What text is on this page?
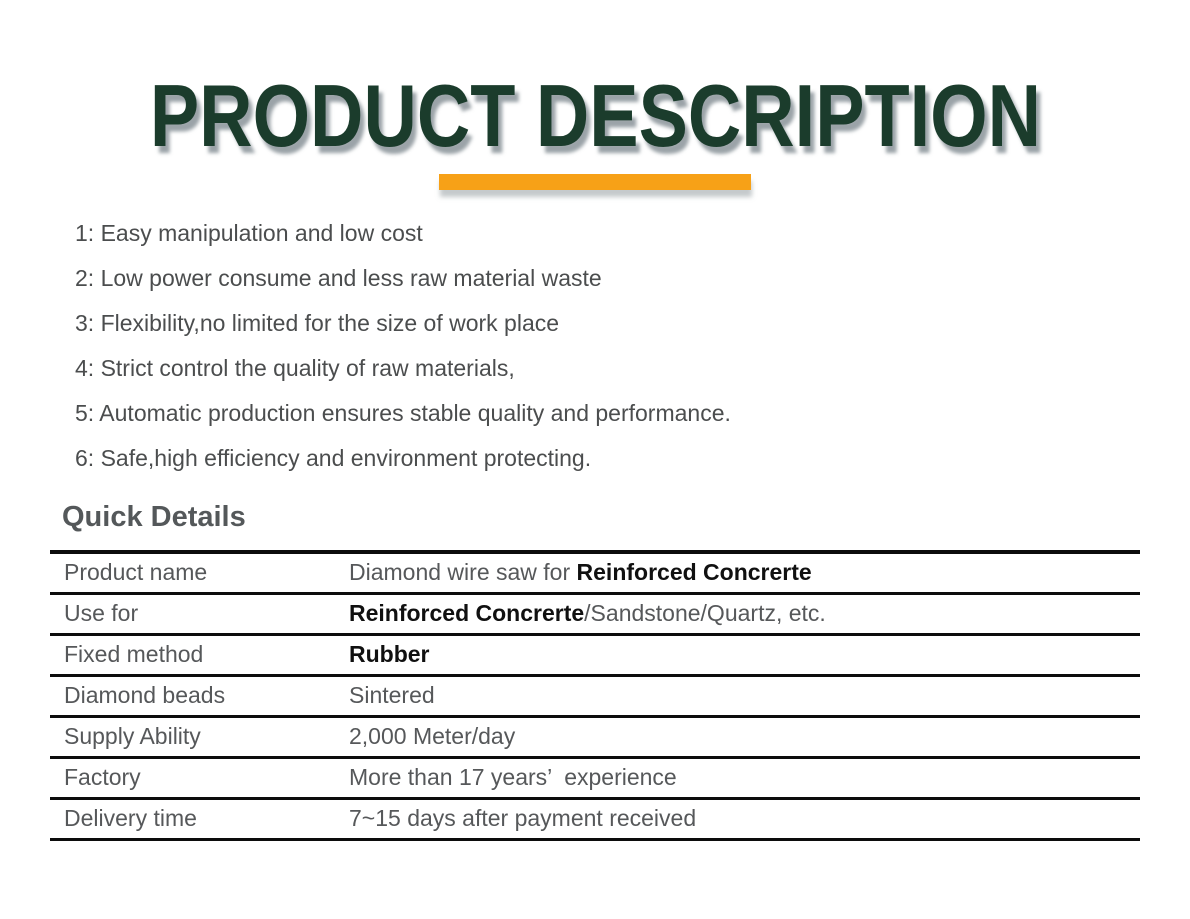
PRODUCT DESCRIPTION
1: Easy manipulation and low cost
2: Low power consume and less raw material waste
3: Flexibility,no limited for the size of work place
4: Strict control the quality of raw materials,
5: Automatic production ensures stable quality and performance.
6: Safe,high efficiency and environment protecting.
Quick Details
Product name	Diamond wire saw for Reinforced Concrerte
Use for	Reinforced Concrerte/Sandstone/Quartz, etc.
Fixed method	Rubber
Diamond beads	Sintered
Supply Ability	2,000 Meter/day
Factory	More than 17 years’  experience
Delivery time	7~15 days after payment received
